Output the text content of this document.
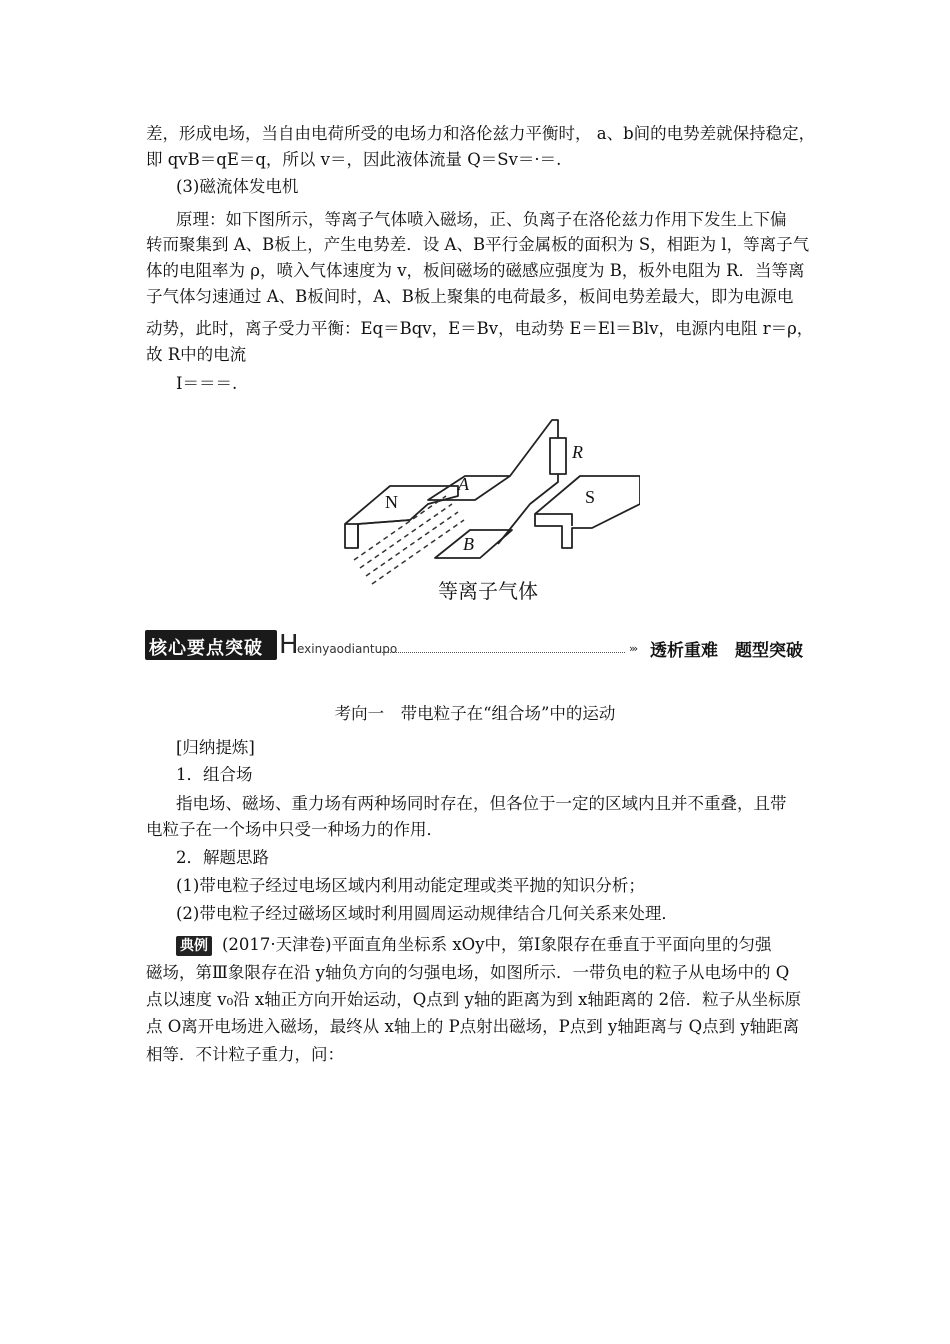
差，形成电场，当自由电荷所受的电场力和洛伦兹力平衡时， a、b间的电势差就保持稳定，
即 qvB＝qE＝q，所以 v＝，因此液体流量 Q＝Sv＝·＝.
(3)磁流体发电机
原理：如下图所示，等离子气体喷入磁场，正、负离子在洛伦兹力作用下发生上下偏
转而聚集到 A、B板上，产生电势差．设 A、B平行金属板的面积为 S，相距为 l，等离子气
体的电阻率为 ρ，喷入气体速度为 v，板间磁场的磁感应强度为 B，板外电阻为 R．当等离
子气体匀速通过 A、B板间时，A、B板上聚集的电荷最多，板间电势差最大，即为电源电
动势，此时，离子受力平衡：Eq＝Bqv，E＝Bv，电动势 E＝El＝Blv，电源内电阻 r＝ρ，
故 R中的电流
I＝＝＝.
N	S
A
B
R
等离子气体
核心要点突破 H
exinyaodiantupo	››› 透析重难　题型突破
考向一　带电粒子在“组合场”中的运动
[归纳提炼]
1．组合场
指电场、磁场、重力场有两种场同时存在，但各位于一定的区域内且并不重叠，且带
电粒子在一个场中只受一种场力的作用．
2．解题思路
(1)带电粒子经过电场区域内利用动能定理或类平抛的知识分析；
(2)带电粒子经过磁场区域时利用圆周运动规律结合几何关系来处理．
典例 (2017·天津卷)平面直角坐标系 xOy中，第Ⅰ象限存在垂直于平面向里的匀强
磁场，第Ⅲ象限存在沿 y轴负方向的匀强电场，如图所示．一带负电的粒子从电场中的 Q
点以速度 v₀沿 x轴正方向开始运动，Q点到 y轴的距离为到 x轴距离的 2倍．粒子从坐标原
点 O离开电场进入磁场，最终从 x轴上的 P点射出磁场，P点到 y轴距离与 Q点到 y轴距离
相等．不计粒子重力，问：
